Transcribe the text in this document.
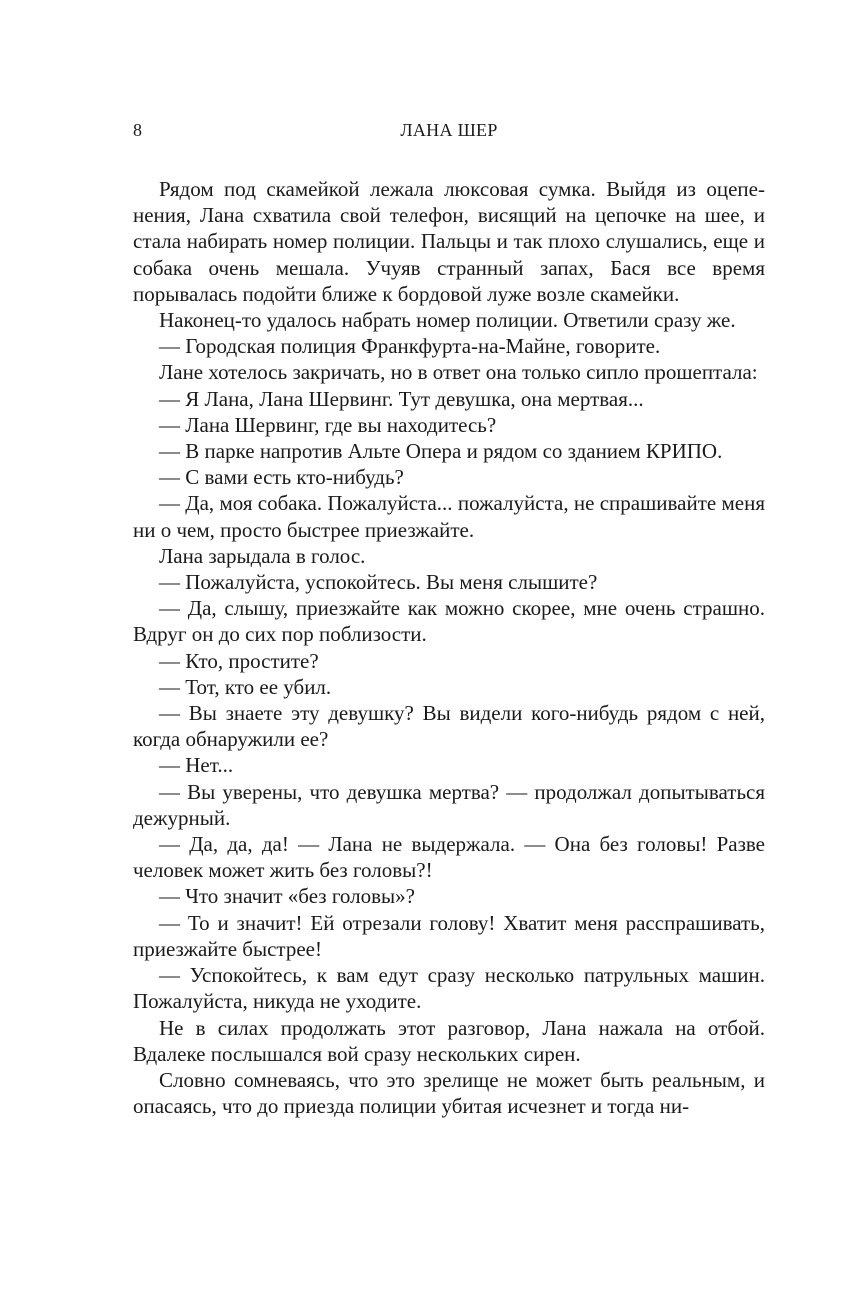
8	ЛАНА ШЕР

Рядом под скамейкой лежала люксовая сумка. Выйдя из оцепенения, Лана схватила свой телефон, висящий на цепочке на шее, и стала набирать номер полиции. Пальцы и так плохо слушались, еще и собака очень мешала. Учуяв странный запах, Бася все время порывалась подойти ближе к бордовой луже возле скамейки.

Наконец-то удалось набрать номер полиции. Ответили сразу же.

— Городская полиция Франкфурта-на-Майне, говорите.

Лане хотелось закричать, но в ответ она только сипло прошептала:

— Я Лана, Лана Шервинг. Тут девушка, она мертвая...

— Лана Шервинг, где вы находитесь?

— В парке напротив Альте Опера и рядом со зданием КРИПО.

— С вами есть кто-нибудь?

— Да, моя собака. Пожалуйста... пожалуйста, не спрашивайте меня ни о чем, просто быстрее приезжайте.

Лана зарыдала в голос.

— Пожалуйста, успокойтесь. Вы меня слышите?

— Да, слышу, приезжайте как можно скорее, мне очень страшно. Вдруг он до сих пор поблизости.

— Кто, простите?

— Тот, кто ее убил.

— Вы знаете эту девушку? Вы видели кого-нибудь рядом с ней, когда обнаружили ее?

— Нет...

— Вы уверены, что девушка мертва? — продолжал допытываться дежурный.

— Да, да, да! — Лана не выдержала. — Она без головы! Разве человек может жить без головы?!

— Что значит «без головы»?

— То и значит! Ей отрезали голову! Хватит меня расспрашивать, приезжайте быстрее!

— Успокойтесь, к вам едут сразу несколько патрульных машин. Пожалуйста, никуда не уходите.

Не в силах продолжать этот разговор, Лана нажала на отбой. Вдалеке послышался вой сразу нескольких сирен.

Словно сомневаясь, что это зрелище не может быть реальным, и опасаясь, что до приезда полиции убитая исчезнет и тогда ни-
